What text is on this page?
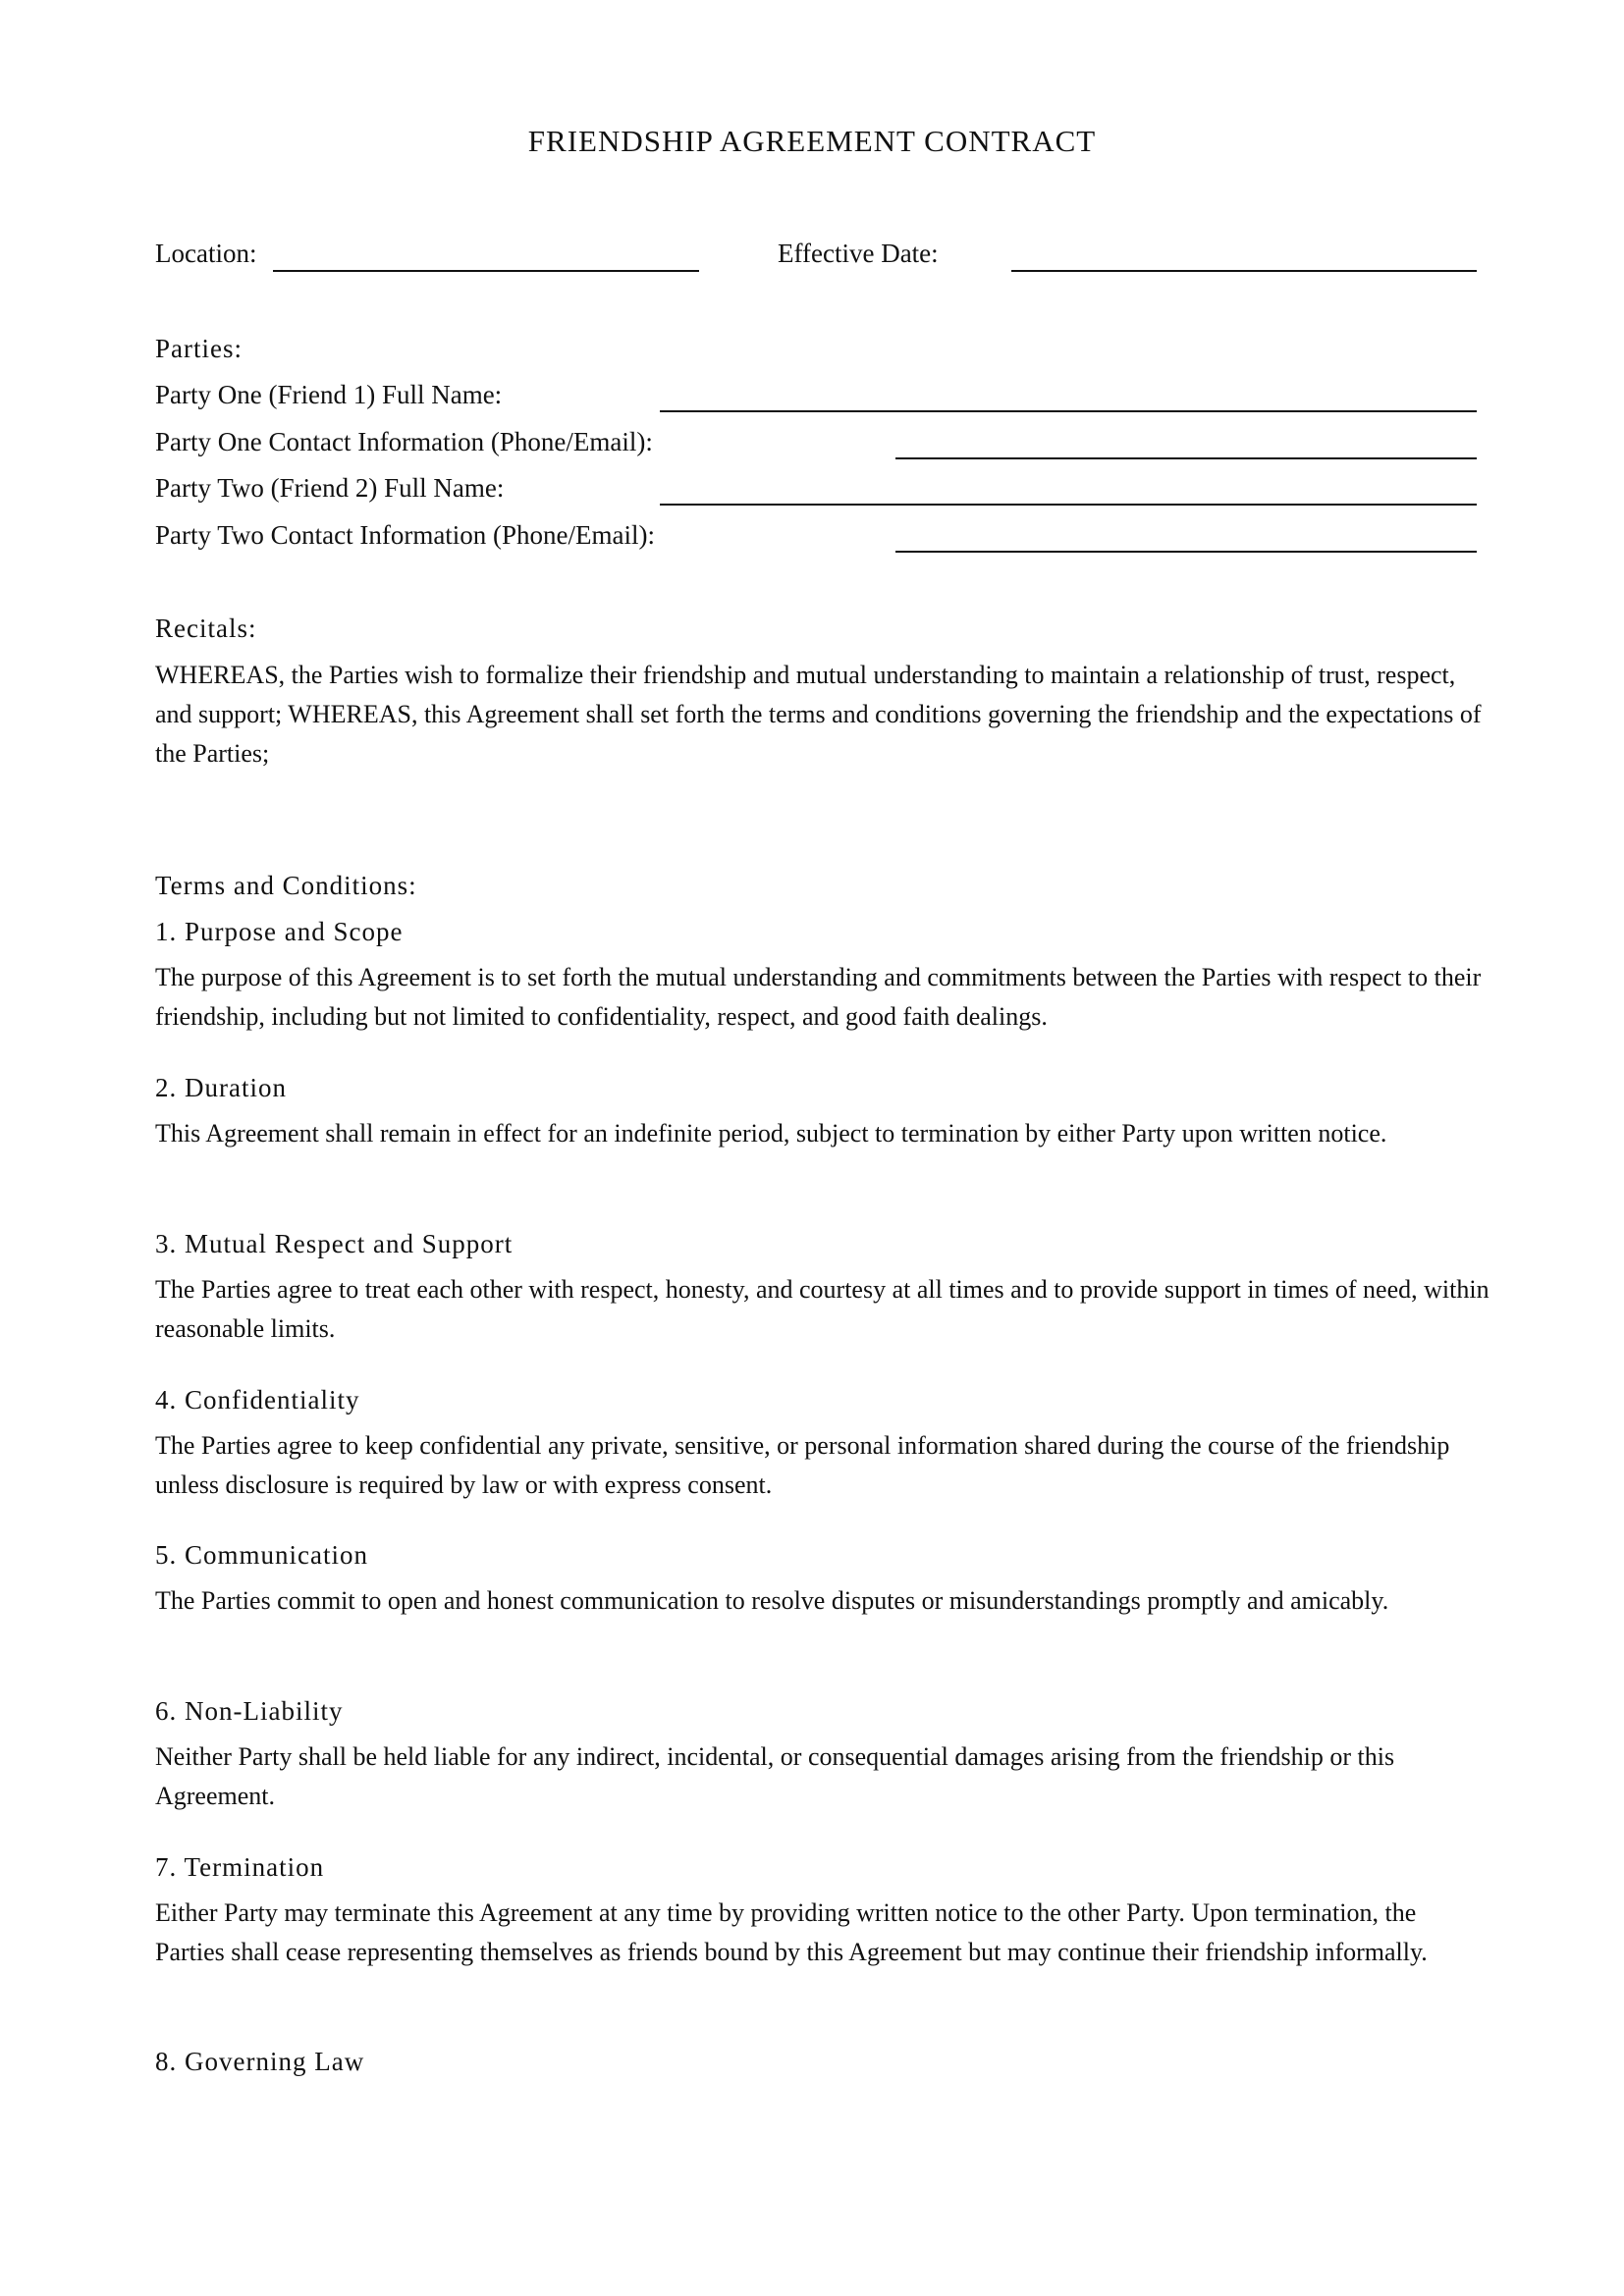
FRIENDSHIP AGREEMENT CONTRACT
Location:	Effective Date:
Parties:
Party One (Friend 1) Full Name:
Party One Contact Information (Phone/Email):
Party Two (Friend 2) Full Name:
Party Two Contact Information (Phone/Email):
Recitals:
WHEREAS, the Parties wish to formalize their friendship and mutual understanding to maintain a relationship of trust, respect, and support; WHEREAS, this Agreement shall set forth the terms and conditions governing the friendship and the expectations of the Parties;
Terms and Conditions:
1. Purpose and Scope
The purpose of this Agreement is to set forth the mutual understanding and commitments between the Parties with respect to their friendship, including but not limited to confidentiality, respect, and good faith dealings.
2. Duration
This Agreement shall remain in effect for an indefinite period, subject to termination by either Party upon written notice.
3. Mutual Respect and Support
The Parties agree to treat each other with respect, honesty, and courtesy at all times and to provide support in times of need, within reasonable limits.
4. Confidentiality
The Parties agree to keep confidential any private, sensitive, or personal information shared during the course of the friendship unless disclosure is required by law or with express consent.
5. Communication
The Parties commit to open and honest communication to resolve disputes or misunderstandings promptly and amicably.
6. Non-Liability
Neither Party shall be held liable for any indirect, incidental, or consequential damages arising from the friendship or this Agreement.
7. Termination
Either Party may terminate this Agreement at any time by providing written notice to the other Party. Upon termination, the Parties shall cease representing themselves as friends bound by this Agreement but may continue their friendship informally.
8. Governing Law
